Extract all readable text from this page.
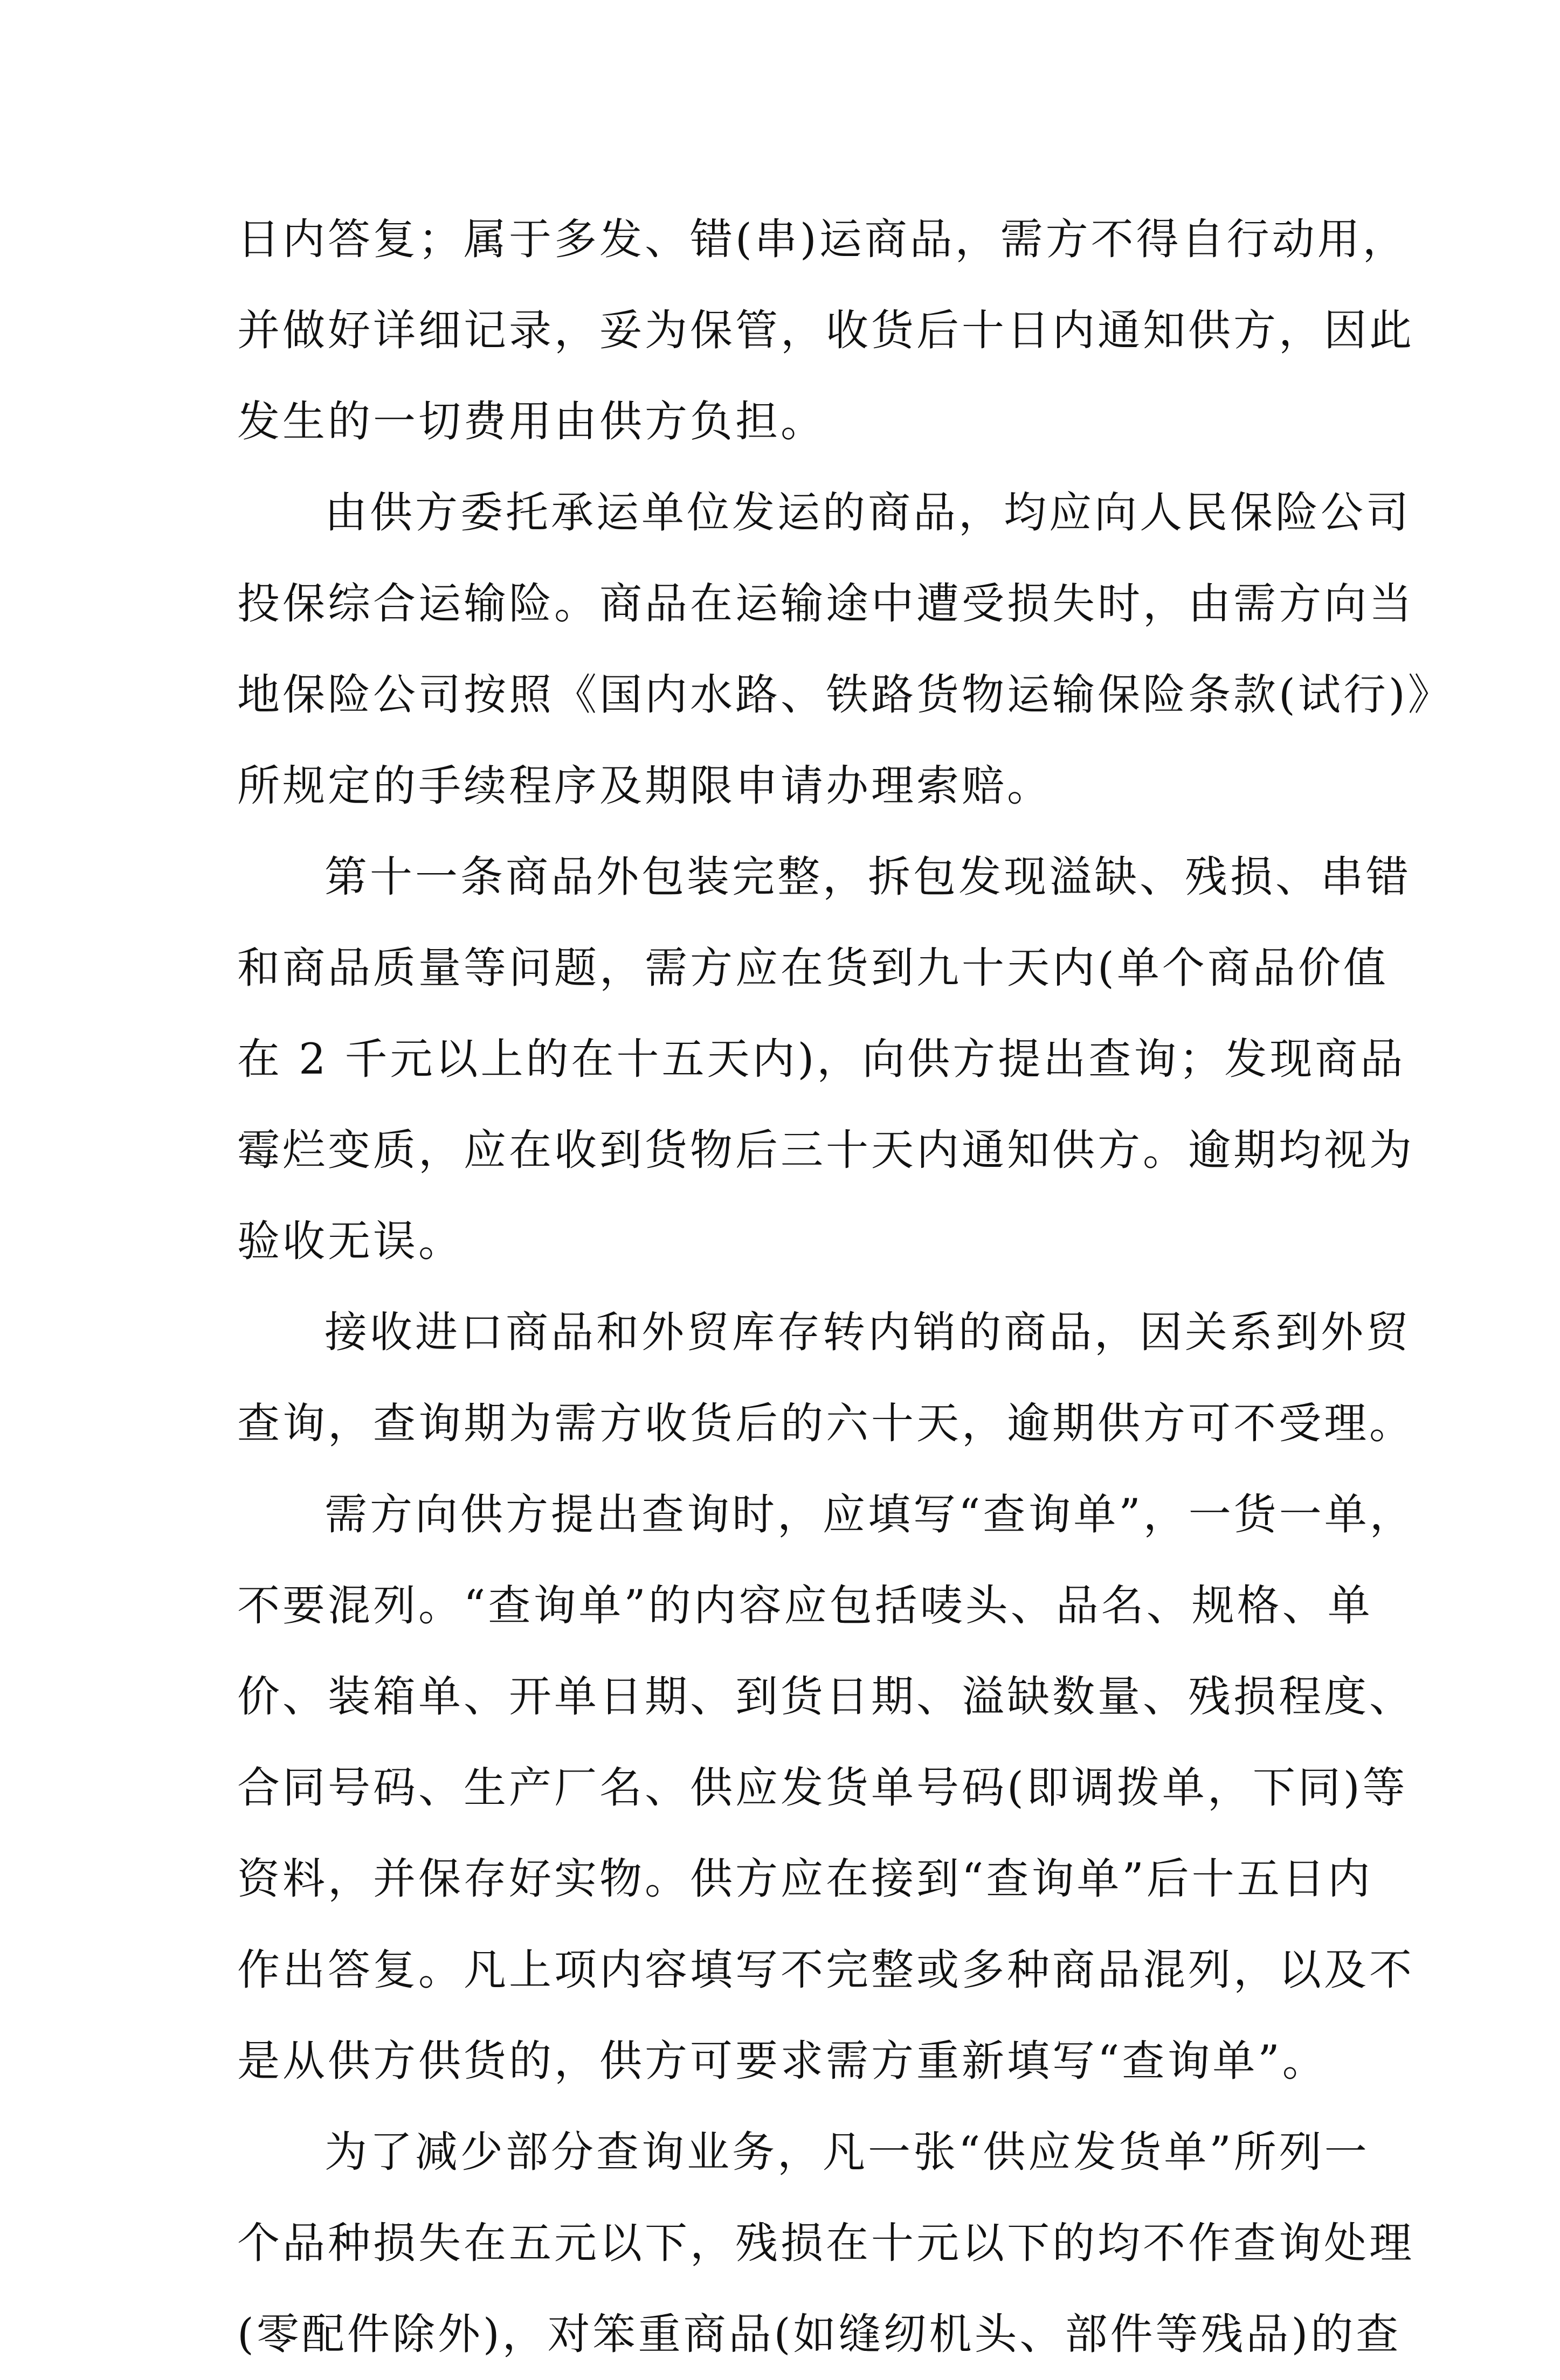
日内答复；属于多发、错(串)运商品，需方不得自行动用，
并做好详细记录，妥为保管，收货后十日内通知供方，因此
发生的一切费用由供方负担。
由供方委托承运单位发运的商品，均应向人民保险公司
投保综合运输险。商品在运输途中遭受损失时，由需方向当
地保险公司按照《国内水路、铁路货物运输保险条款(试行)》
所规定的手续程序及期限申请办理索赔。
第十一条商品外包装完整，拆包发现溢缺、残损、串错
和商品质量等问题，需方应在货到九十天内(单个商品价值
在 2 千元以上的在十五天内)，向供方提出查询；发现商品
霉烂变质，应在收到货物后三十天内通知供方。逾期均视为
验收无误。
接收进口商品和外贸库存转内销的商品，因关系到外贸
查询，查询期为需方收货后的六十天，逾期供方可不受理。
需方向供方提出查询时，应填写“查询单”，一货一单，
不要混列。“查询单”的内容应包括唛头、品名、规格、单
价、装箱单、开单日期、到货日期、溢缺数量、残损程度、
合同号码、生产厂名、供应发货单号码(即调拨单，下同)等
资料，并保存好实物。供方应在接到“查询单”后十五日内
作出答复。凡上项内容填写不完整或多种商品混列，以及不
是从供方供货的，供方可要求需方重新填写“查询单”。
为了减少部分查询业务，凡一张“供应发货单”所列一
个品种损失在五元以下，残损在十元以下的均不作查询处理
(零配件除外)，对笨重商品(如缝纫机头、部件等残品)的查
